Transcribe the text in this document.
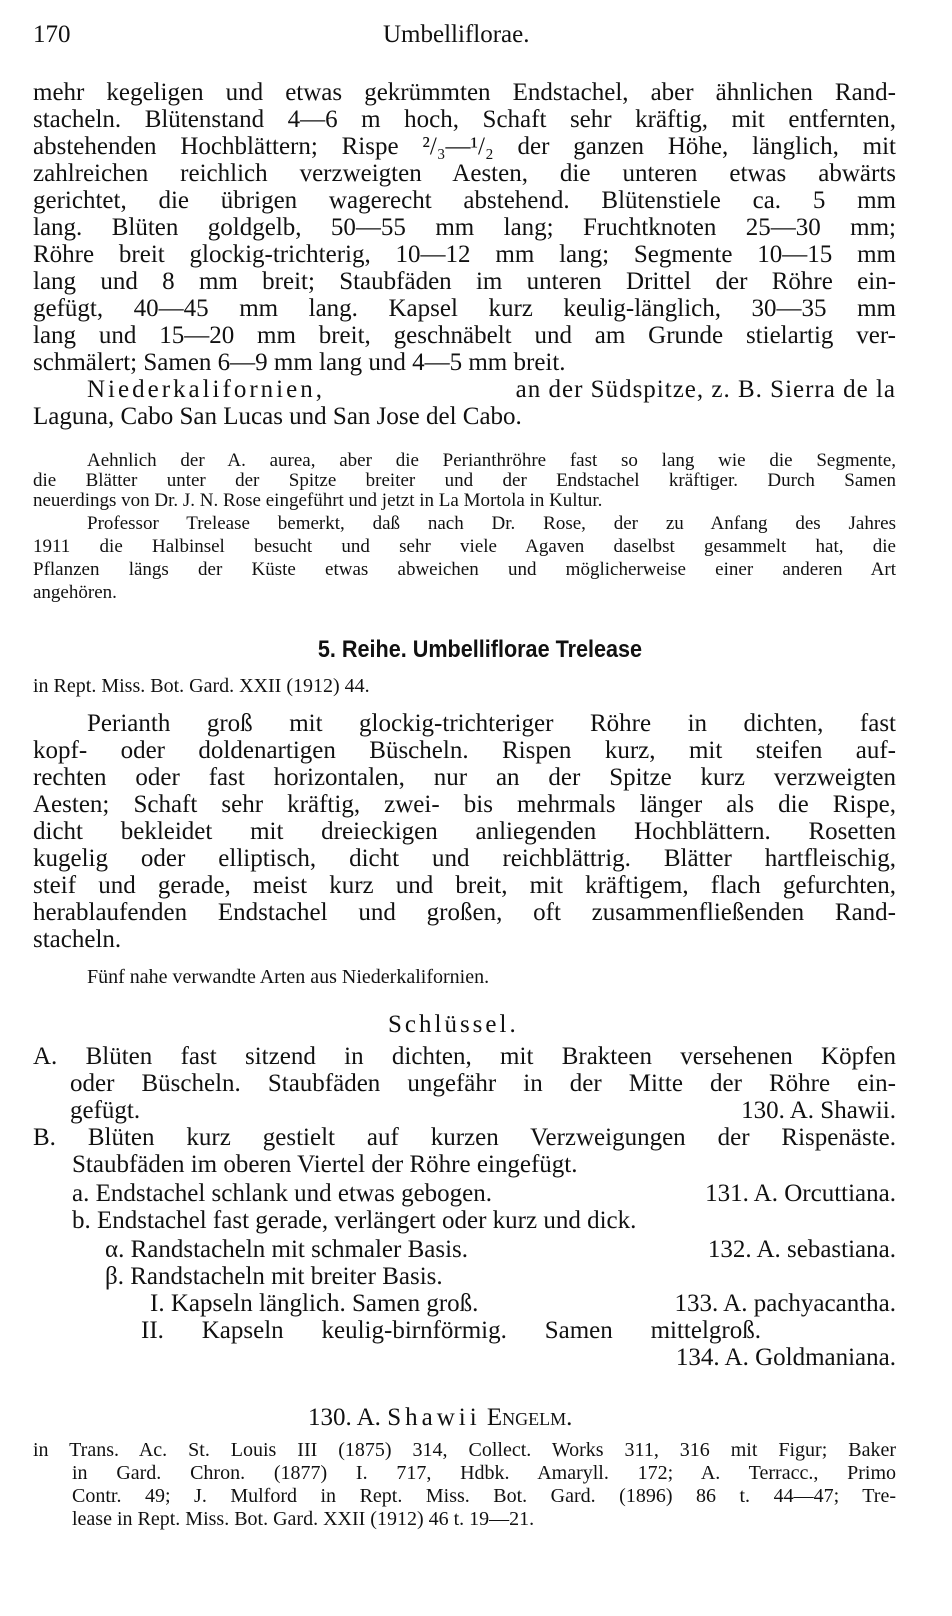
170	Umbelliflorae.
mehr kegeligen und etwas gekrümmten Endstachel, aber ähnlichen Rand-
stacheln. Blütenstand 4—6 m hoch, Schaft sehr kräftig, mit entfernten,
abstehenden Hochblättern; Rispe ²/₃—¹/₂ der ganzen Höhe, länglich, mit
zahlreichen reichlich verzweigten Aesten, die unteren etwas abwärts
gerichtet, die übrigen wagerecht abstehend. Blütenstiele ca. 5 mm
lang. Blüten goldgelb, 50—55 mm lang; Fruchtknoten 25—30 mm;
Röhre breit glockig-trichterig, 10—12 mm lang; Segmente 10—15 mm
lang und 8 mm breit; Staubfäden im unteren Drittel der Röhre ein-
gefügt, 40—45 mm lang. Kapsel kurz keulig-länglich, 30—35 mm
lang und 15—20 mm breit, geschnäbelt und am Grunde stielartig ver-
schmälert; Samen 6—9 mm lang und 4—5 mm breit.
Niederkalifornien,	an der Südspitze, z. B. Sierra de la
Laguna, Cabo San Lucas und San Jose del Cabo.
Aehnlich der A. aurea, aber die Perianthröhre fast so lang wie die Segmente,
die Blätter unter der Spitze breiter und der Endstachel kräftiger. Durch Samen
neuerdings von Dr. J. N. Rose eingeführt und jetzt in La Mortola in Kultur.
Professor Trelease bemerkt, daß nach Dr. Rose, der zu Anfang des Jahres
1911 die Halbinsel besucht und sehr viele Agaven daselbst gesammelt hat, die
Pflanzen längs der Küste etwas abweichen und möglicherweise einer anderen Art
angehören.
5. Reihe. Umbelliflorae Trelease
in Rept. Miss. Bot. Gard. XXII (1912) 44.
Perianth groß mit glockig-trichteriger Röhre in dichten, fast
kopf- oder doldenartigen Büscheln. Rispen kurz, mit steifen auf-
rechten oder fast horizontalen, nur an der Spitze kurz verzweigten
Aesten; Schaft sehr kräftig, zwei- bis mehrmals länger als die Rispe,
dicht bekleidet mit dreieckigen anliegenden Hochblättern. Rosetten
kugelig oder elliptisch, dicht und reichblättrig. Blätter hartfleischig,
steif und gerade, meist kurz und breit, mit kräftigem, flach gefurchten,
herablaufenden Endstachel und großen, oft zusammenfließenden Rand-
stacheln.
Fünf nahe verwandte Arten aus Niederkalifornien.
Schlüssel.
A. Blüten fast sitzend in dichten, mit Brakteen versehenen Köpfen
oder Büscheln. Staubfäden ungefähr in der Mitte der Röhre ein-
gefügt.	130. A. Shawii.
B. Blüten kurz gestielt auf kurzen Verzweigungen der Rispenäste.
Staubfäden im oberen Viertel der Röhre eingefügt.
a. Endstachel schlank und etwas gebogen.	131. A. Orcuttiana.
b. Endstachel fast gerade, verlängert oder kurz und dick.
α. Randstacheln mit schmaler Basis.	132. A. sebastiana.
β. Randstacheln mit breiter Basis.
I. Kapseln länglich. Samen groß.	133. A. pachyacantha.
II. Kapseln keulig-birnförmig. Samen mittelgroß.
134. A. Goldmaniana.
130. A. Shawii Engelm.
in Trans. Ac. St. Louis III (1875) 314, Collect. Works 311, 316 mit Figur; Baker
in Gard. Chron. (1877) I. 717, Hdbk. Amaryll. 172; A. Terracc., Primo
Contr. 49; J. Mulford in Rept. Miss. Bot. Gard. (1896) 86 t. 44—47; Tre-
lease in Rept. Miss. Bot. Gard. XXII (1912) 46 t. 19—21.
